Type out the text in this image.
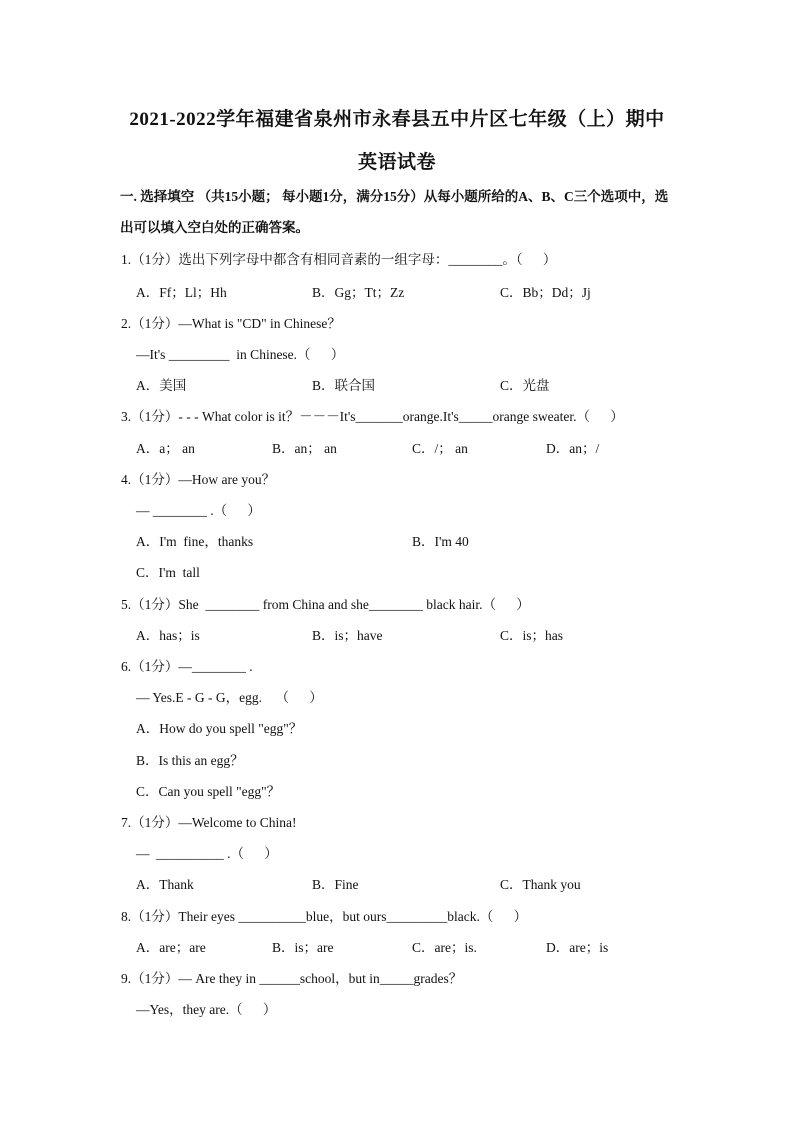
2021-2022学年福建省泉州市永春县五中片区七年级（上）期中
英语试卷
一. 选择填空 （共15小题； 每小题1分，满分15分）从每小题所给的A、B、C三个选项中，选出可以填入空白处的正确答案。
1.（1分）选出下列字母中都含有相同音素的一组字母：________。（      ）
A．Ff；Ll；Hh	B．Gg；Tt；Zz	C．Bb；Dd；Jj
2.（1分）—What is "CD" in Chinese？
—It's _________  in Chinese.（      ）
A．美国	B．联合国	C．光盘
3.（1分）- - - What color is it？－－－It's_______orange.It's_____orange sweater.（      ）
A．a； an	B．an； an	C．/； an	D．an；/
4.（1分）—How are you？
— ________ .（      ）
A．I'm  fine，thanks	B．I'm 40
C．I'm  tall
5.（1分）She  ________ from China and she________ black hair.（      ）
A．has；is	B．is；have	C．is；has
6.（1分）—________ .
— Yes.E - G - G，egg.    （      ）
A．How do you spell "egg"？
B．Is this an egg？
C．Can you spell "egg"？
7.（1分）—Welcome to China!
—  __________ .（      ）
A．Thank	B．Fine	C．Thank you
8.（1分）Their eyes __________blue，but ours_________black.（      ）
A．are；are	B．is；are	C．are；is.	D．are；is
9.（1分）— Are they in ______school，but in_____grades？
—Yes，they are.（      ）
